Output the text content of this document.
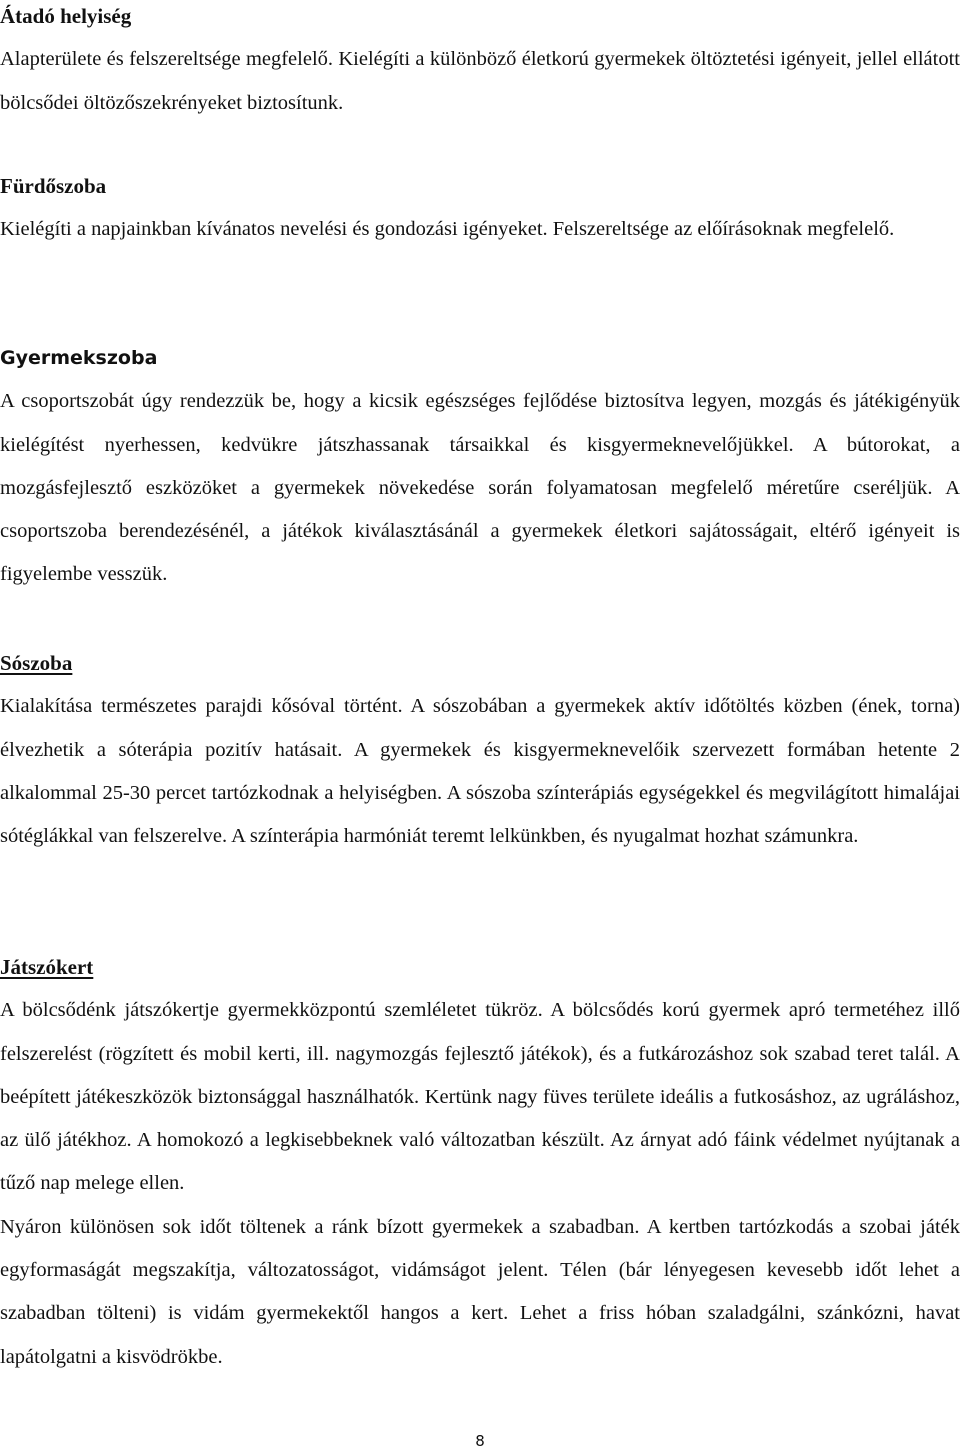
Átadó helyiség

Alapterülete és felszereltsége megfelelő. Kielégíti a különböző életkorú gyermekek öltöztetési igényeit, jellel ellátott bölcsődei öltözőszekrényeket biztosítunk.

Fürdőszoba

Kielégíti a napjainkban kívánatos nevelési és gondozási igényeket. Felszereltsége az előírásoknak megfelelő.

Gyermekszoba

A csoportszobát úgy rendezzük be, hogy a kicsik egészséges fejlődése biztosítva legyen, mozgás és játékigényük kielégítést nyerhessen, kedvükre játszhassanak társaikkal és kisgyermeknevelőjükkel. A bútorokat, a mozgásfejlesztő eszközöket a gyermekek növekedése során folyamatosan megfelelő méretűre cseréljük. A csoportszoba berendezésénél, a játékok kiválasztásánál a gyermekek életkori sajátosságait, eltérő igényeit is figyelembe vesszük.

Sószoba

Kialakítása természetes parajdi kősóval történt. A sószobában a gyermekek aktív időtöltés közben (ének, torna) élvezhetik a sóterápia pozitív hatásait. A gyermekek és kisgyermeknevelőik szervezett formában hetente 2 alkalommal 25-30 percet tartózkodnak a helyiségben. A sószoba színterápiás egységekkel és megvilágított himalájai sótéglákkal van felszerelve. A színterápia harmóniát teremt lelkünkben, és nyugalmat hozhat számunkra.

Játszókert

A bölcsődénk játszókertje gyermekközpontú szemléletet tükröz. A bölcsődés korú gyermek apró termetéhez illő felszerelést (rögzített és mobil kerti, ill. nagymozgás fejlesztő játékok), és a futkározáshoz sok szabad teret talál. A beépített játékeszközök biztonsággal használhatók. Kertünk nagy füves területe ideális a futkosáshoz, az ugráláshoz, az ülő játékhoz. A homokozó a legkisebbeknek való változatban készült. Az árnyat adó fáink védelmet nyújtanak a tűző nap melege ellen.

Nyáron különösen sok időt töltenek a ránk bízott gyermekek a szabadban. A kertben tartózkodás a szobai játék egyformaságát megszakítja, változatosságot, vidámságot jelent. Télen (bár lényegesen kevesebb időt lehet a szabadban tölteni) is vidám gyermekektől hangos a kert. Lehet a friss hóban szaladgálni, szánkózni, havat lapátolgatni a kisvödrökbe.

8
